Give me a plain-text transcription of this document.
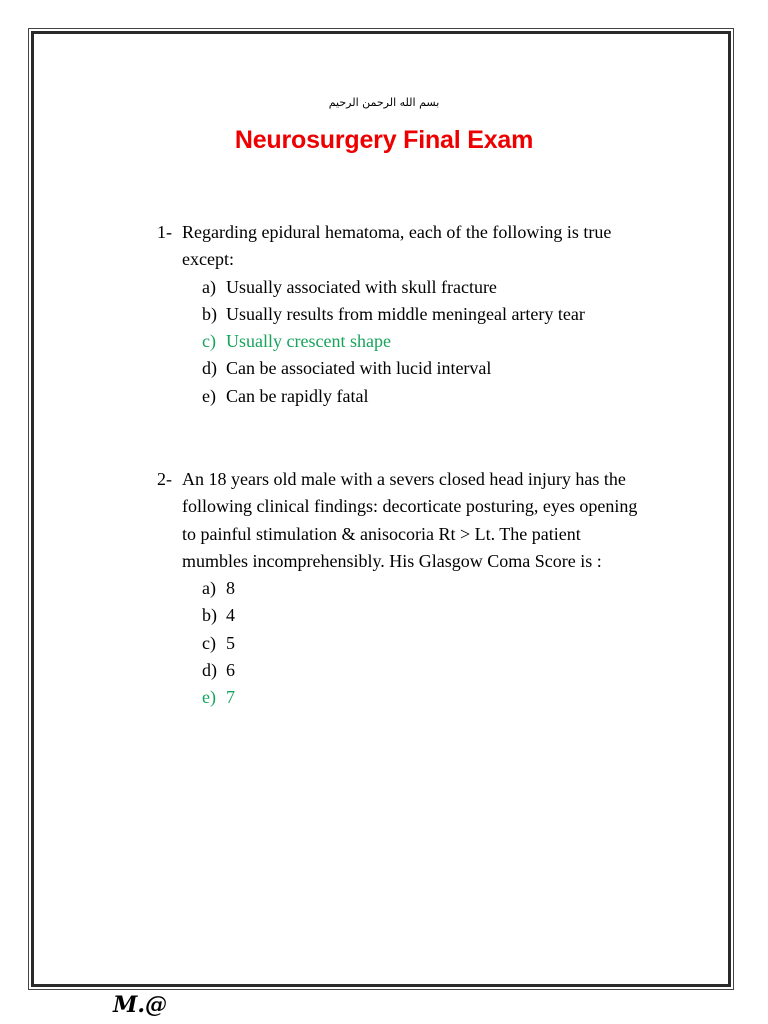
بسم الله الرحمن الرحيم
Neurosurgery Final Exam
1- Regarding epidural hematoma, each of the following is true except:
a) Usually associated with skull fracture
b) Usually results from middle meningeal artery tear
c) Usually crescent shape
d) Can be associated with lucid interval
e) Can be rapidly fatal
2- An 18 years old male with a severs closed head injury has the following clinical findings: decorticate posturing, eyes opening to painful stimulation & anisocoria Rt > Lt. The patient mumbles incomprehensibly. His Glasgow Coma Score is :
a) 8
b) 4
c) 5
d) 6
e) 7
M.@
